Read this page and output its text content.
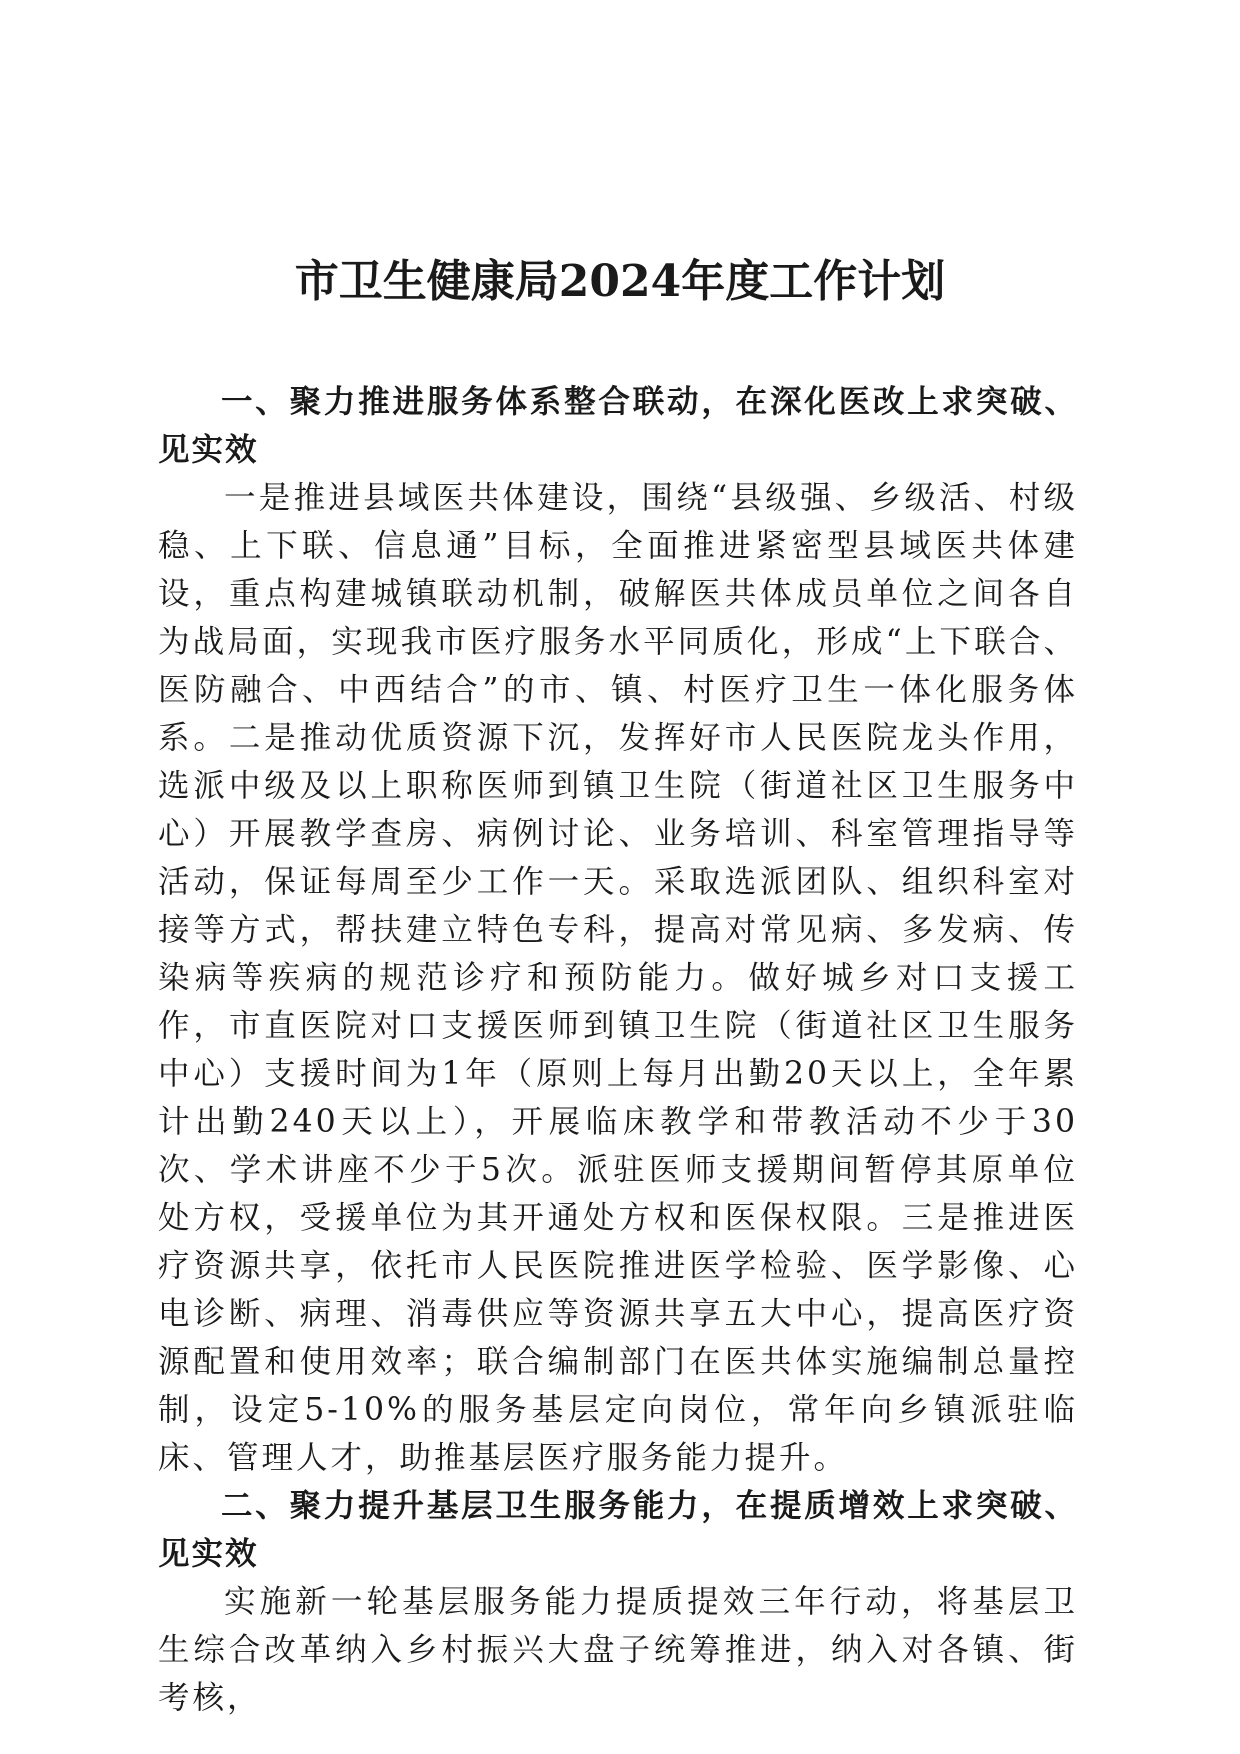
市卫生健康局2024年度工作计划

一、聚力推进服务体系整合联动，在深化医改上求突破、见实效

一是推进县域医共体建设，围绕“县级强、乡级活、村级稳、上下联、信息通”目标，全面推进紧密型县域医共体建设，重点构建城镇联动机制，破解医共体成员单位之间各自为战局面，实现我市医疗服务水平同质化，形成“上下联合、医防融合、中西结合”的市、镇、村医疗卫生一体化服务体系。二是推动优质资源下沉，发挥好市人民医院龙头作用，选派中级及以上职称医师到镇卫生院（街道社区卫生服务中心）开展教学查房、病例讨论、业务培训、科室管理指导等活动，保证每周至少工作一天。采取选派团队、组织科室对接等方式，帮扶建立特色专科，提高对常见病、多发病、传染病等疾病的规范诊疗和预防能力。做好城乡对口支援工作，市直医院对口支援医师到镇卫生院（街道社区卫生服务中心）支援时间为1年（原则上每月出勤20天以上，全年累计出勤240天以上），开展临床教学和带教活动不少于30次、学术讲座不少于5次。派驻医师支援期间暂停其原单位处方权，受援单位为其开通处方权和医保权限。三是推进医疗资源共享，依托市人民医院推进医学检验、医学影像、心电诊断、病理、消毒供应等资源共享五大中心，提高医疗资源配置和使用效率；联合编制部门在医共体实施编制总量控制，设定5-10%的服务基层定向岗位，常年向乡镇派驻临床、管理人才，助推基层医疗服务能力提升。

二、聚力提升基层卫生服务能力，在提质增效上求突破、见实效

实施新一轮基层服务能力提质提效三年行动，将基层卫生综合改革纳入乡村振兴大盘子统筹推进，纳入对各镇、街考核，
